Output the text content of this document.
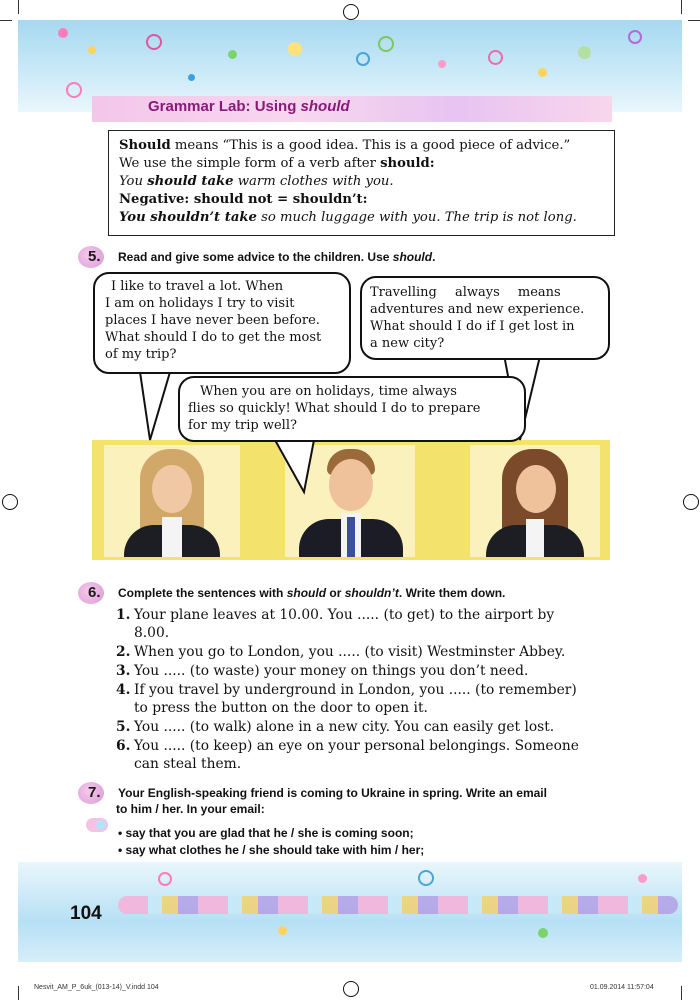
Grammar Lab: Using should
Should means “This is a good idea. This is a good piece of advice.”
We use the simple form of a verb after should:
You should take warm clothes with you.
Negative: should not = shouldn’t:
You shouldn’t take so much luggage with you. The trip is not long.
5. Read and give some advice to the children. Use should.
I like to travel a lot. When
I am on holidays I try to visit
places I have never been before.
What should I do to get the most
of my trip?
Travelling always means
adventures and new experience.
What should I do if I get lost in
a new city?
When you are on holidays, time always
flies so quickly! What should I do to prepare
for my trip well?
6. Complete the sentences with should or shouldn’t. Write them down.
1. Your plane leaves at 10.00. You ..... (to get) to the airport by
8.00.
2. When you go to London, you ..... (to visit) Westminster Abbey.
3. You ..... (to waste) your money on things you don’t need.
4. If you travel by underground in London, you ..... (to remember)
to press the button on the door to open it.
5. You ..... (to walk) alone in a new city. You can easily get lost.
6. You ..... (to keep) an eye on your personal belongings. Someone
can steal them.
7. Your English-speaking friend is coming to Ukraine in spring. Write an email
to him / her. In your email:
• say that you are glad that he / she is coming soon;
• say what clothes he / she should take with him / her;
104
Nesvit_AM_P_6uk_(013-14)_V.indd 104	01.09.2014 11:57:04
